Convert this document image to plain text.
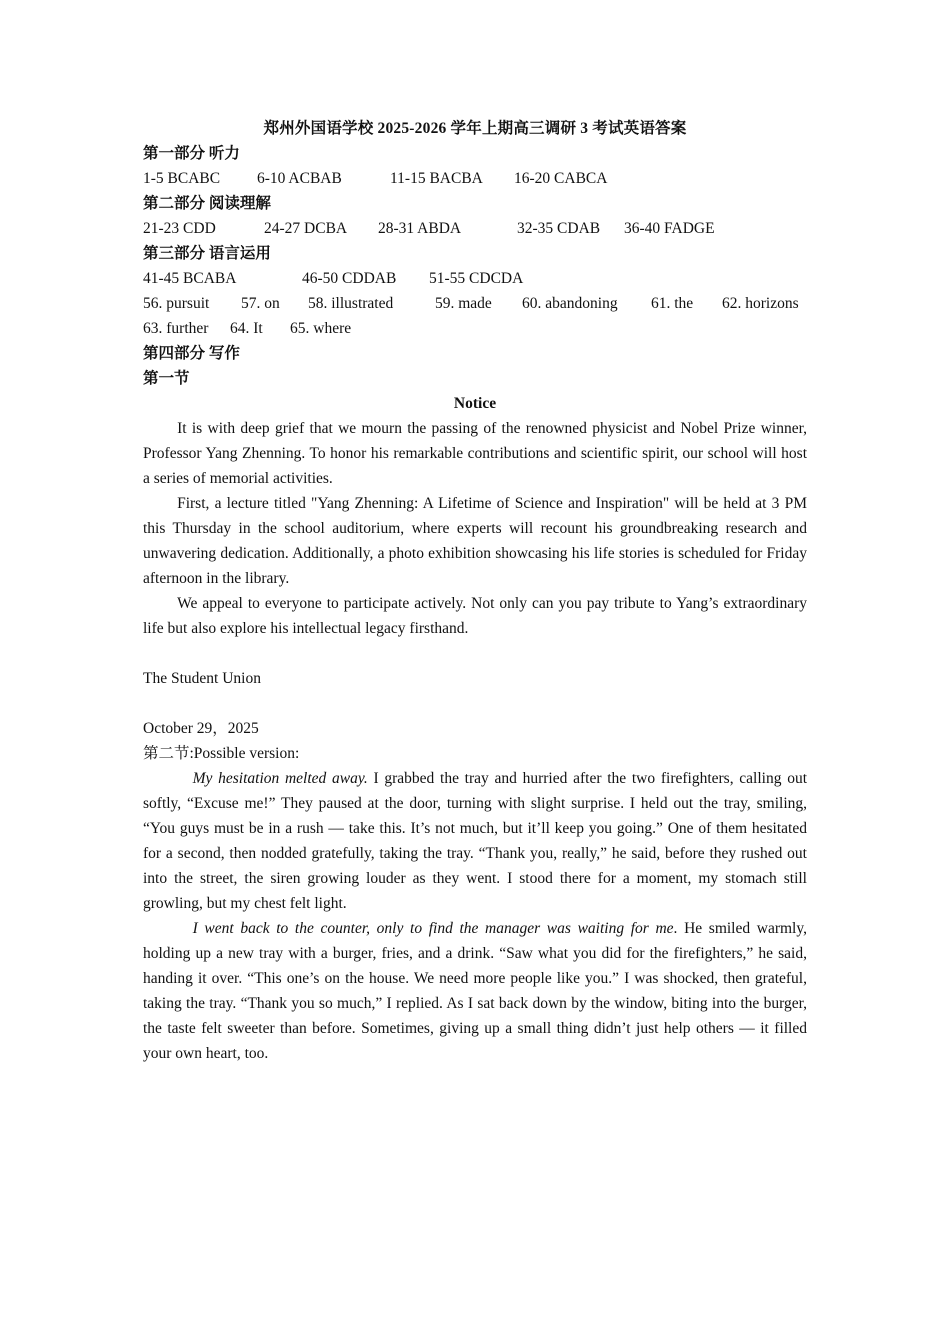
郑州外国语学校 2025-2026 学年上期高三调研 3 考试英语答案
第一部分 听力
1-5 BCABC 6-10 ACBAB	11-15 BACBA 16-20 CABCA
第二部分 阅读理解
21-23 CDD	24-27 DCBA 28-31 ABDA	32-35 CDAB 36-40 FADGE
第三部分 语言运用
41-45 BCABA	46-50 CDDAB 51-55 CDCDA
56. pursuit 57. on 58. illustrated	59. made 60. abandoning 61. the 62. horizons
63. further 64. It 65. where
第四部分 写作
第一节
Notice

It is with deep grief that we mourn the passing of the renowned physicist and Nobel Prize winner, Professor Yang Zhenning. To honor his remarkable contributions and scientific spirit, our school will host a series of memorial activities.

First, a lecture titled "Yang Zhenning: A Lifetime of Science and Inspiration" will be held at 3 PM this Thursday in the school auditorium, where experts will recount his groundbreaking research and unwavering dedication. Additionally, a photo exhibition showcasing his life stories is scheduled for Friday afternoon in the library.

We appeal to everyone to participate actively. Not only can you pay tribute to Yang’s extraordinary life but also explore his intellectual legacy firsthand.

The Student Union
October 29，2025
第二节:Possible version:

My hesitation melted away. I grabbed the tray and hurried after the two firefighters, calling out softly, “Excuse me!” They paused at the door, turning with slight surprise. I held out the tray, smiling, “You guys must be in a rush — take this. It’s not much, but it’ll keep you going.” One of them hesitated for a second, then nodded gratefully, taking the tray. “Thank you, really,” he said, before they rushed out into the street, the siren growing louder as they went. I stood there for a moment, my stomach still growling, but my chest felt light.

I went back to the counter, only to find the manager was waiting for me. He smiled warmly, holding up a new tray with a burger, fries, and a drink. “Saw what you did for the firefighters,” he said, handing it over. “This one’s on the house. We need more people like you.” I was shocked, then grateful, taking the tray. “Thank you so much,” I replied. As I sat back down by the window, biting into the burger, the taste felt sweeter than before. Sometimes, giving up a small thing didn’t just help others — it filled your own heart, too.
